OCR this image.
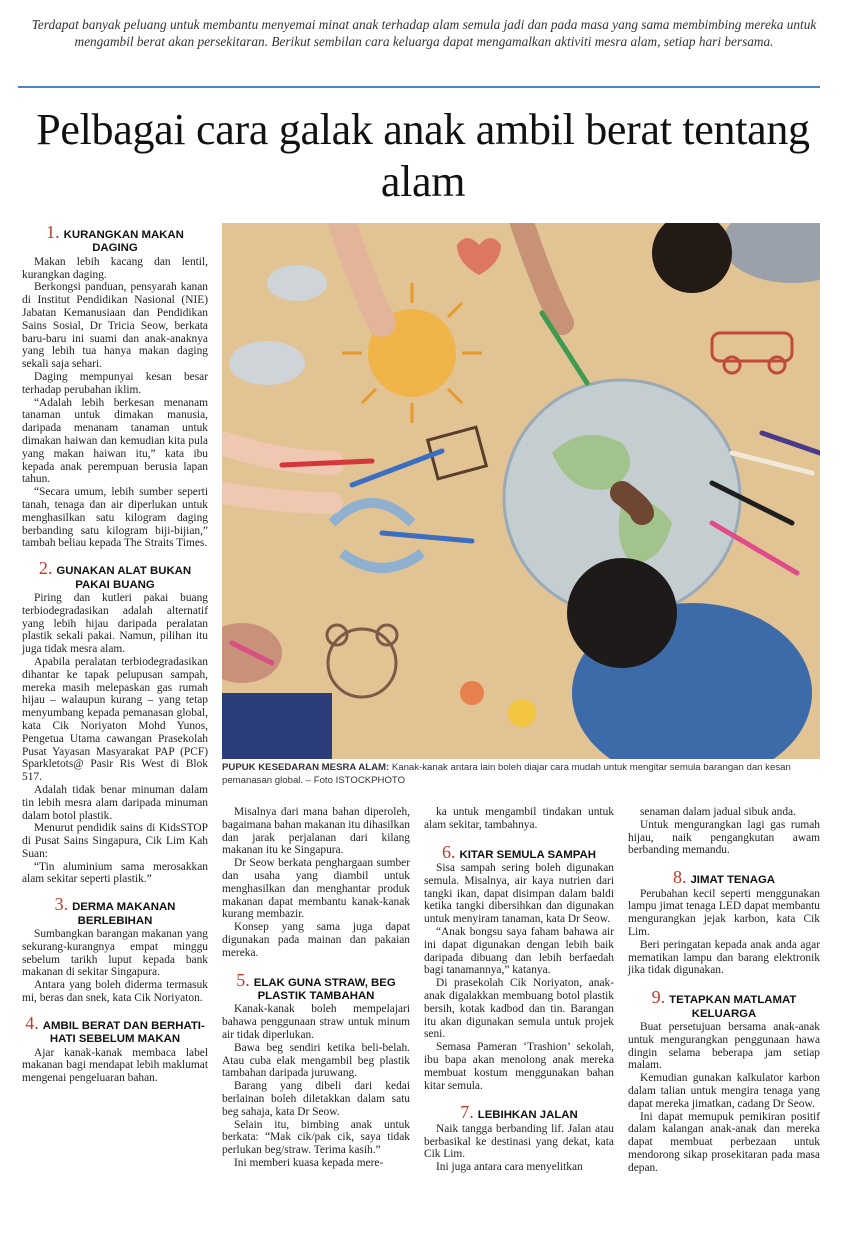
Terdapat banyak peluang untuk membantu menyemai minat anak terhadap alam semula jadi dan pada masa yang sama membimbing mereka untuk mengambil berat akan persekitaran. Berikut sembilan cara keluarga dapat mengamalkan aktiviti mesra alam, setiap hari bersama.
Pelbagai cara galak anak ambil berat tentang alam
1. KURANGKAN MAKAN DAGING

Makan lebih kacang dan lentil, kurangkan daging.

Berkongsi panduan, pensyarah kanan di Institut Pendidikan Nasional (NIE) Jabatan Kemanusiaan dan Pendidikan Sains Sosial, Dr Tricia Seow, berkata baru-baru ini suami dan anak-anaknya yang lebih tua hanya makan daging sekali saja sehari.

Daging mempunyai kesan besar terhadap perubahan iklim.

“Adalah lebih berkesan menanam tanaman untuk dimakan manusia, daripada menanam tanaman untuk dimakan haiwan dan kemudian kita pula yang makan haiwan itu,” kata ibu kepada anak perempuan berusia lapan tahun.

“Secara umum, lebih sumber seperti tanah, tenaga dan air diperlukan untuk menghasilkan satu kilogram daging berbanding satu kilogram biji-bijian,” tambah beliau kepada The Straits Times.

2. GUNAKAN ALAT BUKAN PAKAI BUANG

Piring dan kutleri pakai buang terbiodegradasikan adalah alternatif yang lebih hijau daripada peralatan plastik sekali pakai. Namun, pilihan itu juga tidak mesra alam.

Apabila peralatan terbiodegradasikan dihantar ke tapak pelupusan sampah, mereka masih melepaskan gas rumah hijau – walaupun kurang – yang tetap menyumbang kepada pemanasan global, kata Cik Noriyaton Mohd Yunos, Pengetua Utama cawangan Prasekolah Pusat Yayasan Masyarakat PAP (PCF) Sparkletots@ Pasir Ris West di Blok 517.

Adalah tidak benar minuman dalam tin lebih mesra alam daripada minuman dalam botol plastik.

Menurut pendidik sains di KidsSTOP di Pusat Sains Singapura, Cik Lim Kah Suan:

“Tin aluminium sama merosakkan alam sekitar seperti plastik.”

3. DERMA MAKANAN BERLEBIHAN

Sumbangkan barangan makanan yang sekurang-kurangnya empat minggu sebelum tarikh luput kepada bank makanan di sekitar Singapura.

Antara yang boleh diderma termasuk mi, beras dan snek, kata Cik Noriyaton.

4. AMBIL BERAT DAN BERHATI-HATI SEBELUM MAKAN

Ajar kanak-kanak membaca label makanan bagi mendapat lebih maklumat mengenai pengeluaran bahan.

PUPUK KESEDARAN MESRA ALAM: Kanak-kanak antara lain boleh diajar cara mudah untuk mengitar semula barangan dan kesan pemanasan global. – Foto ISTOCKPHOTO

Misalnya dari mana bahan diperoleh, bagaimana bahan makanan itu dihasilkan dan jarak perjalanan dari kilang makanan itu ke Singapura.

Dr Seow berkata penghargaan sumber dan usaha yang diambil untuk menghasilkan dan menghantar produk makanan dapat membantu kanak-kanak kurang membazir.

Konsep yang sama juga dapat digunakan pada mainan dan pakaian mereka.

5. ELAK GUNA STRAW, BEG PLASTIK TAMBAHAN

Kanak-kanak boleh mempelajari bahawa penggunaan straw untuk minum air tidak diperlukan.

Bawa beg sendiri ketika beli-belah. Atau cuba elak mengambil beg plastik tambahan daripada juruwang.

Barang yang dibeli dari kedai berlainan boleh diletakkan dalam satu beg sahaja, kata Dr Seow.

Selain itu, bimbing anak untuk berkata: “Mak cik/pak cik, saya tidak perlukan beg/straw. Terima kasih.”

Ini memberi kuasa kepada mere-

ka untuk mengambil tindakan untuk alam sekitar, tambahnya.

6. KITAR SEMULA SAMPAH

Sisa sampah sering boleh digunakan semula. Misalnya, air kaya nutrien dari tangki ikan, dapat disimpan dalam baldi ketika tangki dibersihkan dan digunakan untuk menyiram tanaman, kata Dr Seow.

“Anak bongsu saya faham bahawa air ini dapat digunakan dengan lebih baik daripada dibuang dan lebih berfaedah bagi tanamannya,” katanya.

Di prasekolah Cik Noriyaton, anak-anak digalakkan membuang botol plastik bersih, kotak kadbod dan tin. Barangan itu akan digunakan semula untuk projek seni.

Semasa Pameran ‘Trashion’ sekolah, ibu bapa akan menolong anak mereka membuat kostum menggunakan bahan kitar semula.

7. LEBIHKAN JALAN

Naik tangga berbanding lif. Jalan atau berbasikal ke destinasi yang dekat, kata Cik Lim.

Ini juga antara cara menyelitkan

senaman dalam jadual sibuk anda.

Untuk mengurangkan lagi gas rumah hijau, naik pengangkutan awam berbanding memandu.

8. JIMAT TENAGA

Perubahan kecil seperti menggunakan lampu jimat tenaga LED dapat membantu mengurangkan jejak karbon, kata Cik Lim.

Beri peringatan kepada anak anda agar mematikan lampu dan barang elektronik jika tidak digunakan.

9. TETAPKAN MATLAMAT KELUARGA

Buat persetujuan bersama anak-anak untuk mengurangkan penggunaan hawa dingin selama beberapa jam setiap malam.

Kemudian gunakan kalkulator karbon dalam talian untuk mengira tenaga yang dapat mereka jimatkan, cadang Dr Seow.

Ini dapat memupuk pemikiran positif dalam kalangan anak-anak dan mereka dapat membuat perbezaan untuk mendorong sikap prosekitaran pada masa depan.
